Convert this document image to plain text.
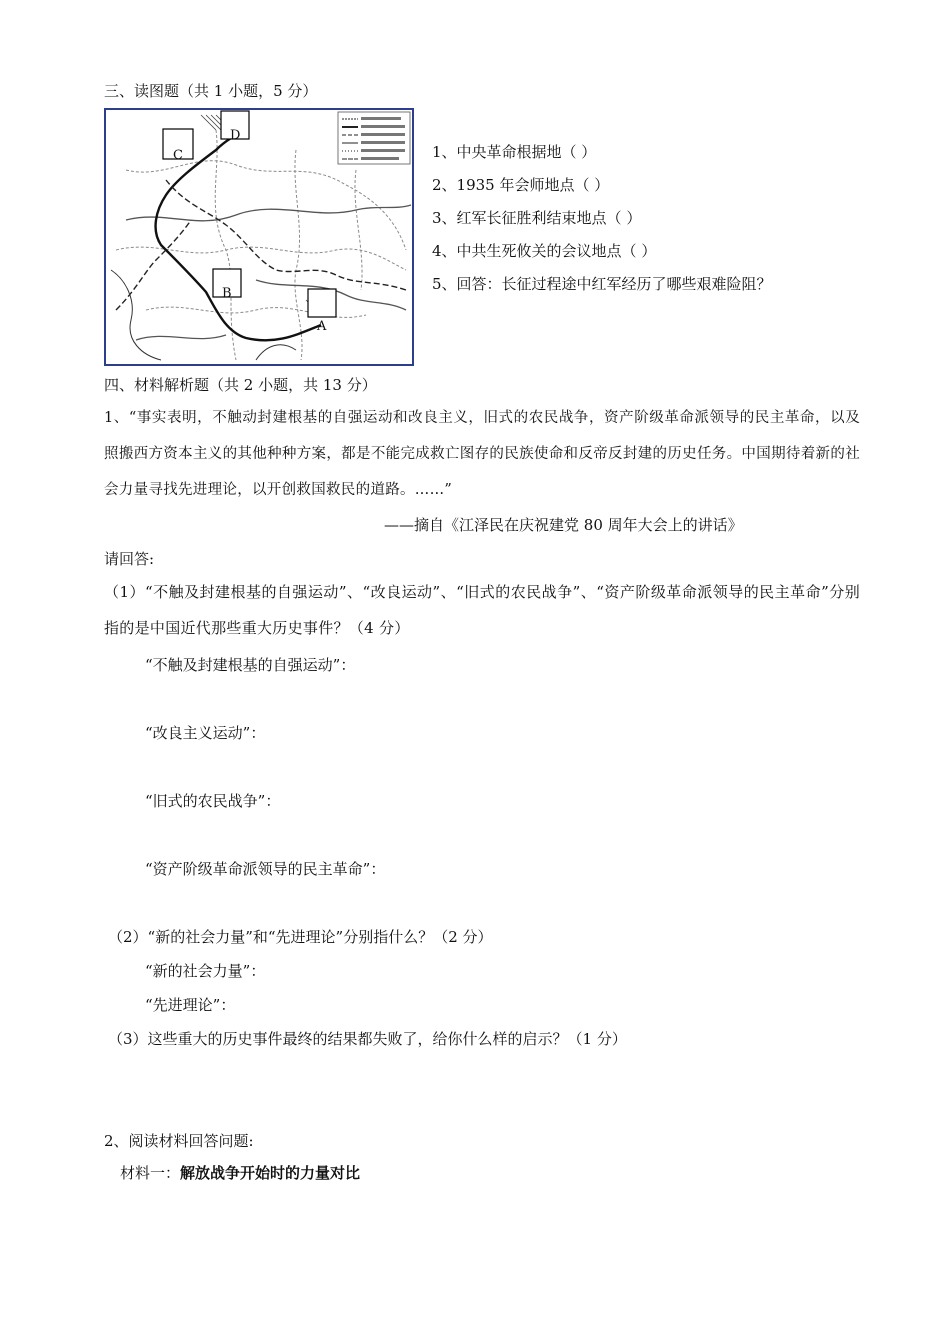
三、读图题（共 1 小题，5 分）
A
B
C
D
1、中央革命根据地（ ）
2、1935 年会师地点（ ）
3、红军长征胜利结束地点（ ）
4、中共生死攸关的会议地点（ ）
5、回答：长征过程途中红军经历了哪些艰难险阻？
四、材料解析题（共 2 小题，共 13 分）
1、“事实表明，不触动封建根基的自强运动和改良主义，旧式的农民战争，资产阶级革命派领导的民主革命，以及照搬西方资本主义的其他种种方案，都是不能完成救亡图存的民族使命和反帝反封建的历史任务。中国期待着新的社会力量寻找先进理论，以开创救国救民的道路。……”
——摘自《江泽民在庆祝建党 80 周年大会上的讲话》
请回答:
（1）“不触及封建根基的自强运动”、“改良运动”、“旧式的农民战争”、“资产阶级革命派领导的民主革命”分别指的是中国近代那些重大历史事件？（4 分）
“不触及封建根基的自强运动”：
“改良主义运动”：
“旧式的农民战争”：
“资产阶级革命派领导的民主革命”：
（2）“新的社会力量”和“先进理论”分别指什么？（2 分）
“新的社会力量”：
“先进理论”：
（3）这些重大的历史事件最终的结果都失败了，给你什么样的启示？（1 分）
2、阅读材料回答问题:
材料一：解放战争开始时的力量对比
